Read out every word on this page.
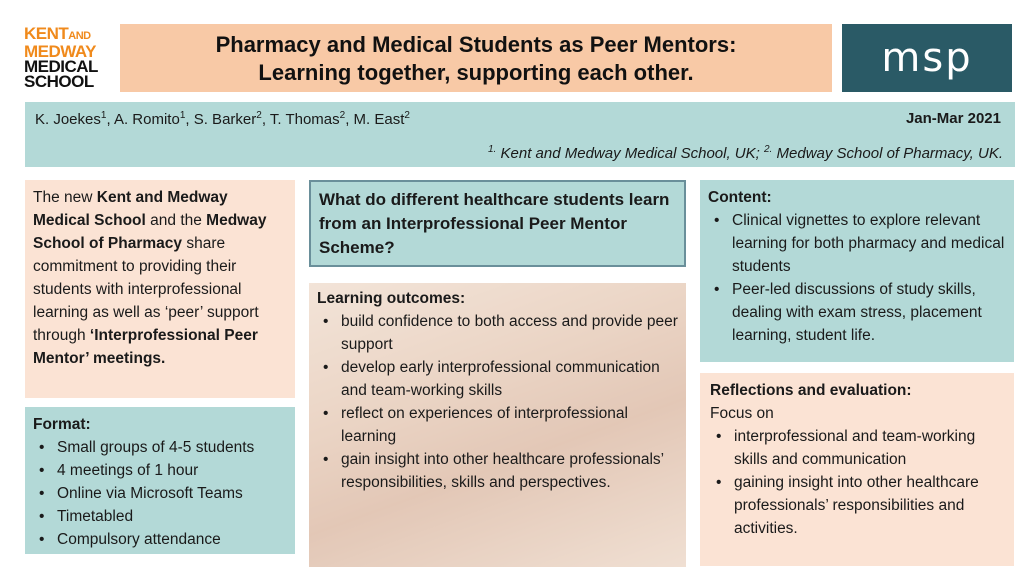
KENTAND
MEDWAY
MEDICAL
SCHOOL
Pharmacy and Medical Students as Peer Mentors:
Learning together, supporting each other.	msp
K. Joekes$^1$, A. Romito$^1$, S. Barker$^2$, T. Thomas$^2$, M. East$^2$	Jan-Mar 2021
$^{1.}$ Kent and Medway Medical School, UK; $^{2.}$ Medway School of Pharmacy, UK.
The new Kent and Medway Medical School and the Medway School of Pharmacy share commitment to providing their students with interprofessional learning as well as ‘peer’ support through ‘Interprofessional Peer Mentor’ meetings.
Format:
• Small groups of 4-5 students
• 4 meetings of 1 hour
• Online via Microsoft Teams
• Timetabled
• Compulsory attendance
What do different healthcare students learn from an Interprofessional Peer Mentor Scheme?
Learning outcomes:
• build confidence to both access and provide peer support
• develop early interprofessional communication and team-working skills
• reflect on experiences of interprofessional learning
• gain insight into other healthcare professionals’ responsibilities, skills and perspectives.
Content:
• Clinical vignettes to explore relevant learning for both pharmacy and medical students
• Peer-led discussions of study skills, dealing with exam stress, placement learning, student life.
Reflections and evaluation:
Focus on
• interprofessional and team-working skills and communication
• gaining insight into other healthcare professionals’ responsibilities and activities.
